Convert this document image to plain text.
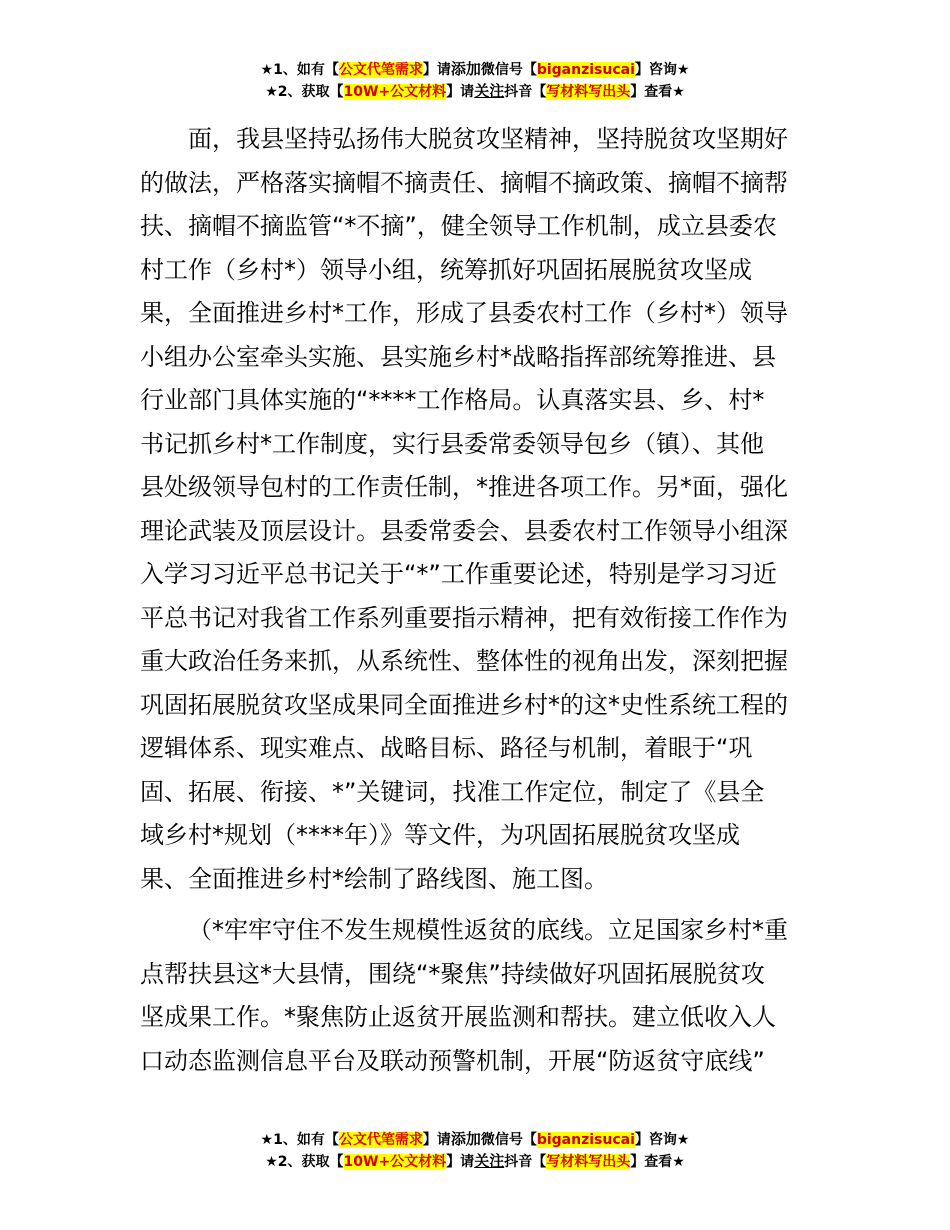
★1、如有【公文代笔需求】请添加微信号【biganzisucai】咨询★
★2、获取【10W+公文材料】请关注抖音【写材料写出头】查看★
面，我县坚持弘扬伟大脱贫攻坚精神，坚持脱贫攻坚期好
的做法，严格落实摘帽不摘责任、摘帽不摘政策、摘帽不摘帮
扶、摘帽不摘监管“*不摘”，健全领导工作机制，成立县委农
村工作（乡村*）领导小组，统筹抓好巩固拓展脱贫攻坚成
果，全面推进乡村*工作，形成了县委农村工作（乡村*）领导
小组办公室牵头实施、县实施乡村*战略指挥部统筹推进、县
行业部门具体实施的“****工作格局。认真落实县、乡、村*
书记抓乡村*工作制度，实行县委常委领导包乡（镇）、其他
县处级领导包村的工作责任制，*推进各项工作。另*面，强化
理论武装及顶层设计。县委常委会、县委农村工作领导小组深
入学习习近平总书记关于“*”工作重要论述，特别是学习习近
平总书记对我省工作系列重要指示精神，把有效衔接工作作为
重大政治任务来抓，从系统性、整体性的视角出发，深刻把握
巩固拓展脱贫攻坚成果同全面推进乡村*的这*史性系统工程的
逻辑体系、现实难点、战略目标、路径与机制，着眼于“巩
固、拓展、衔接、*”关键词，找准工作定位，制定了《县全
域乡村*规划（****年）》等文件，为巩固拓展脱贫攻坚成
果、全面推进乡村*绘制了路线图、施工图。
（*牢牢守住不发生规模性返贫的底线。立足国家乡村*重
点帮扶县这*大县情，围绕“*聚焦”持续做好巩固拓展脱贫攻
坚成果工作。*聚焦防止返贫开展监测和帮扶。建立低收入人
口动态监测信息平台及联动预警机制，开展“防返贫守底线”
★1、如有【公文代笔需求】请添加微信号【biganzisucai】咨询★
★2、获取【10W+公文材料】请关注抖音【写材料写出头】查看★
